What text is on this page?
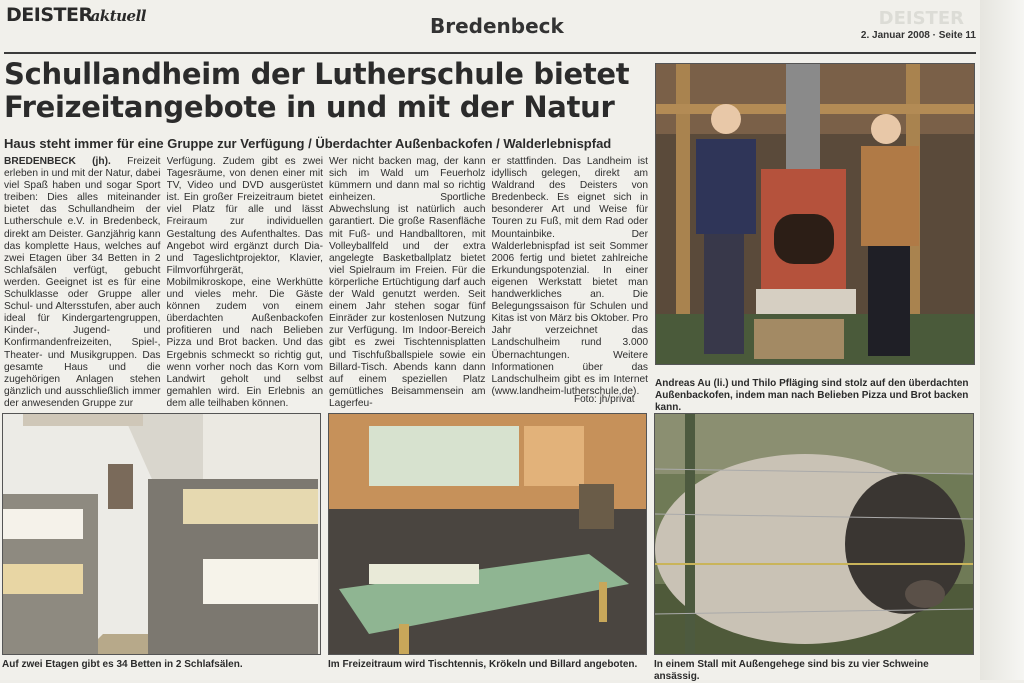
DEISTERaktuell	DEISTER
Bredenbeck	2. Januar 2008 · Seite 11
Schullandheim der Lutherschule bietet Freizeitangebote in und mit der Natur
Haus steht immer für eine Gruppe zur Verfügung / Überdachter Außenbackofen / Walderlebnispfad

BREDENBECK (jh). Freizeit erleben in und mit der Natur, dabei viel Spaß haben und sogar Sport treiben: Dies alles miteinander bietet das Schullandheim der Lutherschule e.V. in Bredenbeck, direkt am Deister. Ganzjährig kann das komplette Haus, welches auf zwei Etagen über 34 Betten in 2 Schlafsälen verfügt, gebucht werden. Geeignet ist es für eine Schulklasse oder Gruppe aller Schul- und Altersstufen, aber auch ideal für Kindergartengruppen, Kinder-, Jugend- und Konfirmandenfreizeiten, Spiel-, Theater- und Musikgruppen. Das gesamte Haus und die zugehörigen Anlagen stehen gänzlich und ausschließlich immer der anwesenden Gruppe zur

Verfügung. Zudem gibt es zwei Tagesräume, von denen einer mit TV, Video und DVD ausgerüstet ist. Ein großer Freizeitraum bietet viel Platz für alle und lässt Freiraum zur individuellen Gestaltung des Aufenthaltes. Das Angebot wird ergänzt durch Dia- und Tageslichtprojektor, Klavier, Filmvorführgerät, Mobilmikroskope, eine Werkhütte und vieles mehr. Die Gäste können zudem von einem überdachten Außenbackofen profitieren und nach Belieben Pizza und Brot backen. Und das Ergebnis schmeckt so richtig gut, wenn vorher noch das Korn vom Landwirt geholt und selbst gemahlen wird. Ein Erlebnis an dem alle teilhaben können.

Wer nicht backen mag, der kann sich im Wald um Feuerholz kümmern und dann mal so richtig einheizen. Sportliche Abwechslung ist natürlich auch garantiert. Die große Rasenfläche mit Fuß- und Handballtoren, mit Volleyballfeld und der extra angelegte Basketballplatz bietet viel Spielraum im Freien. Für die körperliche Ertüchtigung darf auch der Wald genutzt werden. Seit einem Jahr stehen sogar fünf Einräder zur kostenlosen Nutzung zur Verfügung. Im Indoor-Bereich gibt es zwei Tischtennisplatten und Tischfußballspiele sowie ein Billard-Tisch. Abends kann dann auf einem speziellen Platz gemütliches Beisammensein am Lagerfeu-

er stattfinden. Das Landheim ist idyllisch gelegen, direkt am Waldrand des Deisters von Bredenbeck. Es eignet sich in besonderer Art und Weise für Touren zu Fuß, mit dem Rad oder Mountainbike. Der Walderlebnispfad ist seit Sommer 2006 fertig und bietet zahlreiche Erkundungspotenzial. In einer eigenen Werkstatt bietet man handwerkliches an. Die Belegungssaison für Schulen und Kitas ist von März bis Oktober. Pro Jahr verzeichnet das Landschulheim rund 3.000 Übernachtungen. Weitere Informationen über das Landschulheim gibt es im Internet (www.landheim-lutherschule.de).

Foto: jh/privat
Andreas Au (li.) und Thilo Pfläging sind stolz auf den überdachten Außenbackofen, indem man nach Belieben Pizza und Brot backen kann.
Auf zwei Etagen gibt es 34 Betten in 2 Schlafsälen.	Im Freizeitraum wird Tischtennis, Krökeln und Billard angeboten.	In einem Stall mit Außengehege sind bis zu vier Schweine ansässig.
